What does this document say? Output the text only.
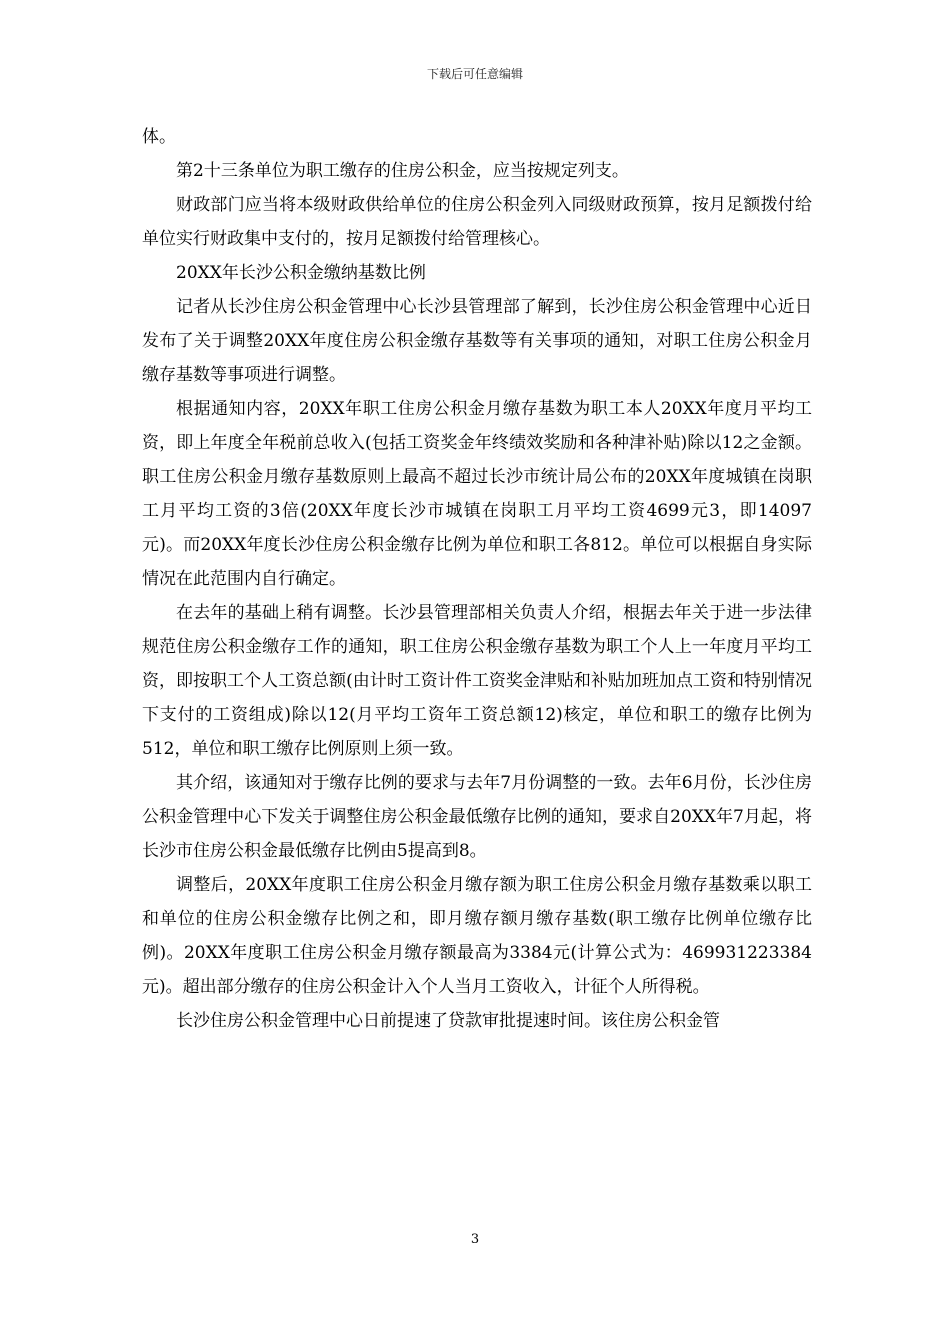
下载后可任意编辑

体。

第2十三条单位为职工缴存的住房公积金，应当按规定列支。

财政部门应当将本级财政供给单位的住房公积金列入同级财政预算，按月足额拨付给单位实行财政集中支付的，按月足额拨付给管理核心。

20XX年长沙公积金缴纳基数比例

记者从长沙住房公积金管理中心长沙县管理部了解到，长沙住房公积金管理中心近日发布了关于调整20XX年度住房公积金缴存基数等有关事项的通知，对职工住房公积金月缴存基数等事项进行调整。

根据通知内容，20XX年职工住房公积金月缴存基数为职工本人20XX年度月平均工资，即上年度全年税前总收入(包括工资奖金年终绩效奖励和各种津补贴)除以12之金额。职工住房公积金月缴存基数原则上最高不超过长沙市统计局公布的20XX年度城镇在岗职工月平均工资的3倍(20XX年度长沙市城镇在岗职工月平均工资4699元3，即14097元)。而20XX年度长沙住房公积金缴存比例为单位和职工各812。单位可以根据自身实际情况在此范围内自行确定。

在去年的基础上稍有调整。长沙县管理部相关负责人介绍，根据去年关于进一步法律规范住房公积金缴存工作的通知，职工住房公积金缴存基数为职工个人上一年度月平均工资，即按职工个人工资总额(由计时工资计件工资奖金津贴和补贴加班加点工资和特别情况下支付的工资组成)除以12(月平均工资年工资总额12)核定，单位和职工的缴存比例为512，单位和职工缴存比例原则上须一致。

其介绍，该通知对于缴存比例的要求与去年7月份调整的一致。去年6月份，长沙住房公积金管理中心下发关于调整住房公积金最低缴存比例的通知，要求自20XX年7月起，将长沙市住房公积金最低缴存比例由5提高到8。

调整后，20XX年度职工住房公积金月缴存额为职工住房公积金月缴存基数乘以职工和单位的住房公积金缴存比例之和，即月缴存额月缴存基数(职工缴存比例单位缴存比例)。20XX年度职工住房公积金月缴存额最高为3384元(计算公式为：469931223384元)。超出部分缴存的住房公积金计入个人当月工资收入，计征个人所得税。

长沙住房公积金管理中心日前提速了贷款审批提速时间。该住房公积金管

3
